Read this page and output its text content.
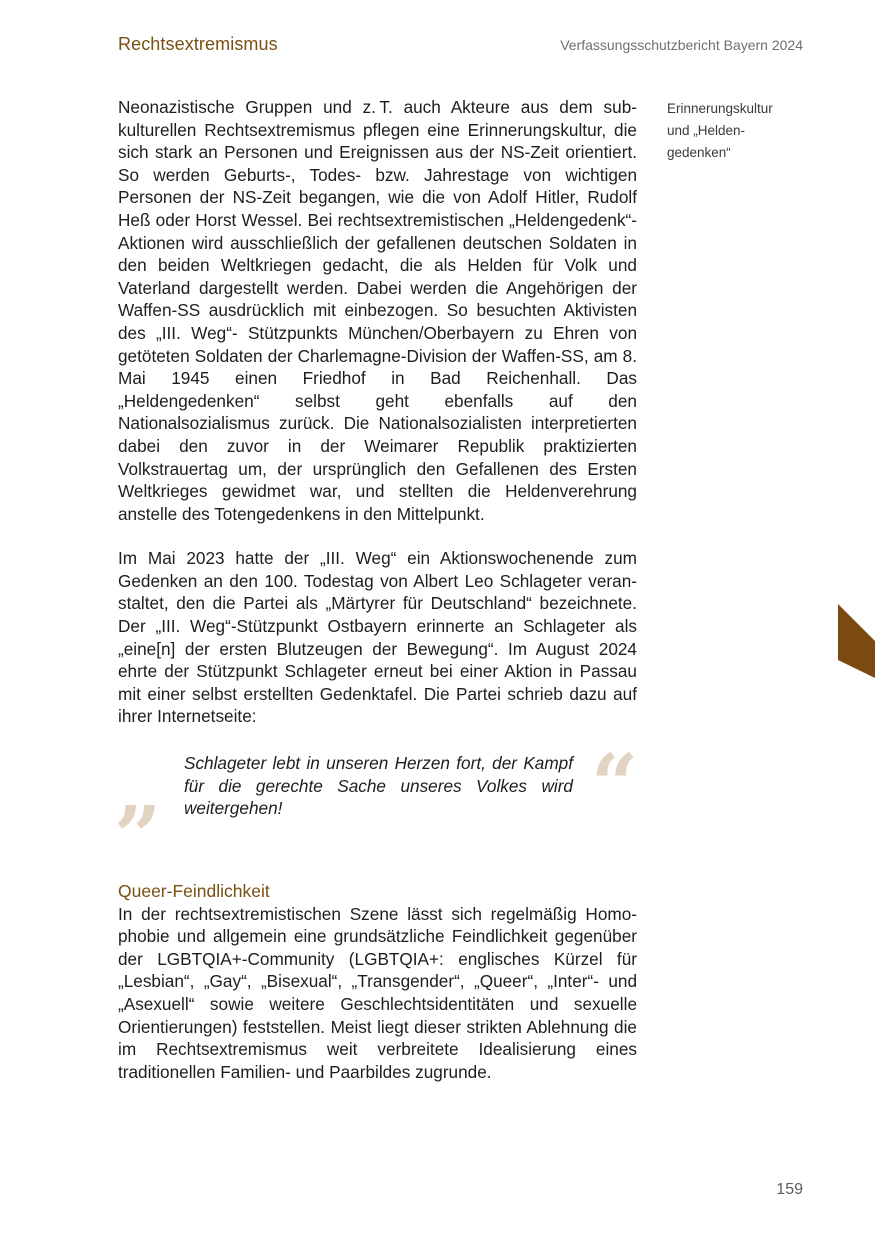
Rechtsextremismus	Verfassungsschutzbericht Bayern 2024
Erinnerungskultur
und „Helden-
gedenken“

Neonazistische Gruppen und z. T. auch Akteure aus dem subkulturellen Rechtsextremismus pflegen eine Erinnerungskultur, die sich stark an Personen und Ereignissen aus der NS-Zeit orientiert. So werden Geburts-, Todes- bzw. Jahrestage von wichtigen Personen der NS-Zeit begangen, wie die von Adolf Hitler, Rudolf Heß oder Horst Wessel. Bei rechtsextremistischen „Heldengedenk“-Aktionen wird ausschließlich der gefallenen deutschen Soldaten in den beiden Weltkriegen gedacht, die als Helden für Volk und Vaterland dargestellt werden. Dabei werden die Angehörigen der Waffen-SS ausdrücklich mit einbezogen. So besuchten Aktivisten des „III. Weg“- Stützpunkts München/​Oberbayern zu Ehren von getöteten Soldaten der Charlemagne-Division der Waffen-SS, am 8. Mai 1945 einen Friedhof in Bad Reichenhall. Das „Heldengedenken“ selbst geht ebenfalls auf den Nationalsozialismus zurück. Die Nationalsozialisten interpretierten dabei den zuvor in der Weimarer Republik praktizierten Volkstrauertag um, der ursprünglich den Gefallenen des Ersten Weltkrieges gewidmet war, und stellten die Heldenverehrung anstelle des Totengedenkens in den Mittelpunkt.

Im Mai 2023 hatte der „III. Weg“ ein Aktionswochenende zum Gedenken an den 100. Todestag von Albert Leo Schlageter veranstaltet, den die Partei als „Märtyrer für Deutschland“ bezeichnete. Der „III. Weg“-Stützpunkt Ostbayern erinnerte an Schlageter als „eine[n] der ersten Blutzeugen der Bewegung“. Im August 2024 ehrte der Stützpunkt Schlageter erneut bei einer Aktion in Passau mit einer selbst erstellten Gedenktafel. Die Partei schrieb dazu auf ihrer Internetseite:

“
”
Schlageter lebt in unseren Herzen fort, der Kampf für die gerechte Sache unseres Volkes wird weitergehen!
Queer-Feindlichkeit

In der rechtsextremistischen Szene lässt sich regelmäßig Homophobie und allgemein eine grundsätzliche Feindlichkeit gegenüber der LGBTQIA+-Community (LGBTQIA+: englisches Kürzel für „Lesbian“, „Gay“, „Bisexual“, „Transgender“, „Queer“, „Inter“- und „Asexuell“ sowie weitere Geschlechtsidentitäten und sexuelle Orientierungen) feststellen. Meist liegt dieser strikten Ablehnung die im Rechtsextremismus weit verbreitete Idealisierung eines traditionellen Familien- und Paarbildes zugrunde.

159
